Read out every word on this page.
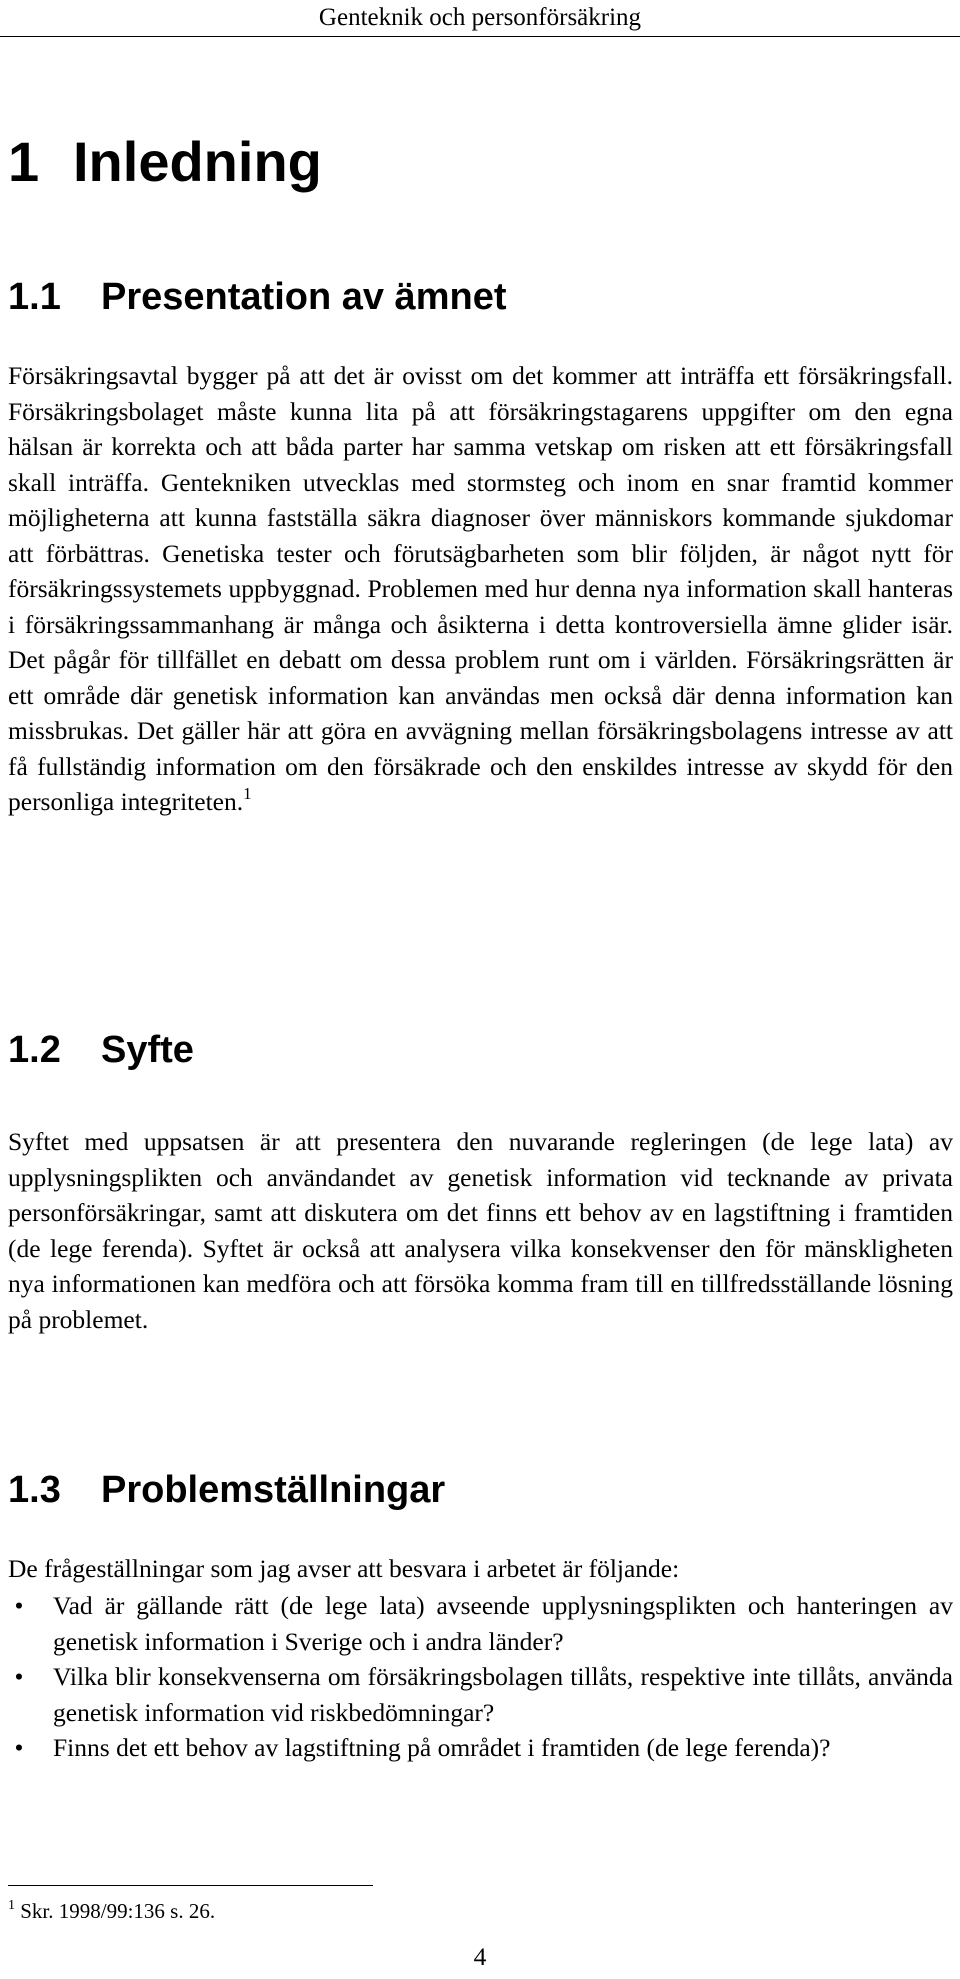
Genteknik och personförsäkring
1 Inledning
1.1 Presentation av ämnet

Försäkringsavtal bygger på att det är ovisst om det kommer att inträffa ett försäkringsfall. Försäkringsbolaget måste kunna lita på att försäkringstagarens uppgifter om den egna hälsan är korrekta och att båda parter har samma vetskap om risken att ett försäkringsfall skall inträffa. Gentekniken utvecklas med stormsteg och inom en snar framtid kommer möjligheterna att kunna fastställa säkra diagnoser över människors kommande sjukdomar att förbättras. Genetiska tester och förutsägbarheten som blir följden, är något nytt för försäkringssystemets uppbyggnad. Problemen med hur denna nya information skall hanteras i försäkringssammanhang är många och åsikterna i detta kontroversiella ämne glider isär. Det pågår för tillfället en debatt om dessa problem runt om i världen. Försäkringsrätten är ett område där genetisk information kan användas men också där denna information kan missbrukas. Det gäller här att göra en avvägning mellan försäkringsbolagens intresse av att få fullständig information om den försäkrade och den enskildes intresse av skydd för den personliga integriteten.$^1$

1.2 Syfte

Syftet med uppsatsen är att presentera den nuvarande regleringen (de lege lata) av upplysningsplikten och användandet av genetisk information vid tecknande av privata personförsäkringar, samt att diskutera om det finns ett behov av en lagstiftning i framtiden (de lege ferenda). Syftet är också att analysera vilka konsekvenser den för mänskligheten nya informationen kan medföra och att försöka komma fram till en tillfredsställande lösning på problemet.

1.3 Problemställningar

De frågeställningar som jag avser att besvara i arbetet är följande:

• Vad är gällande rätt (de lege lata) avseende upplysningsplikten och hanteringen av genetisk information i Sverige och i andra länder?
• Vilka blir konsekvenserna om försäkringsbolagen tillåts, respektive inte tillåts, använda genetisk information vid riskbedömningar?
• Finns det ett behov av lagstiftning på området i framtiden (de lege ferenda)?
$^1$ Skr. 1998/99:136 s. 26.
4
